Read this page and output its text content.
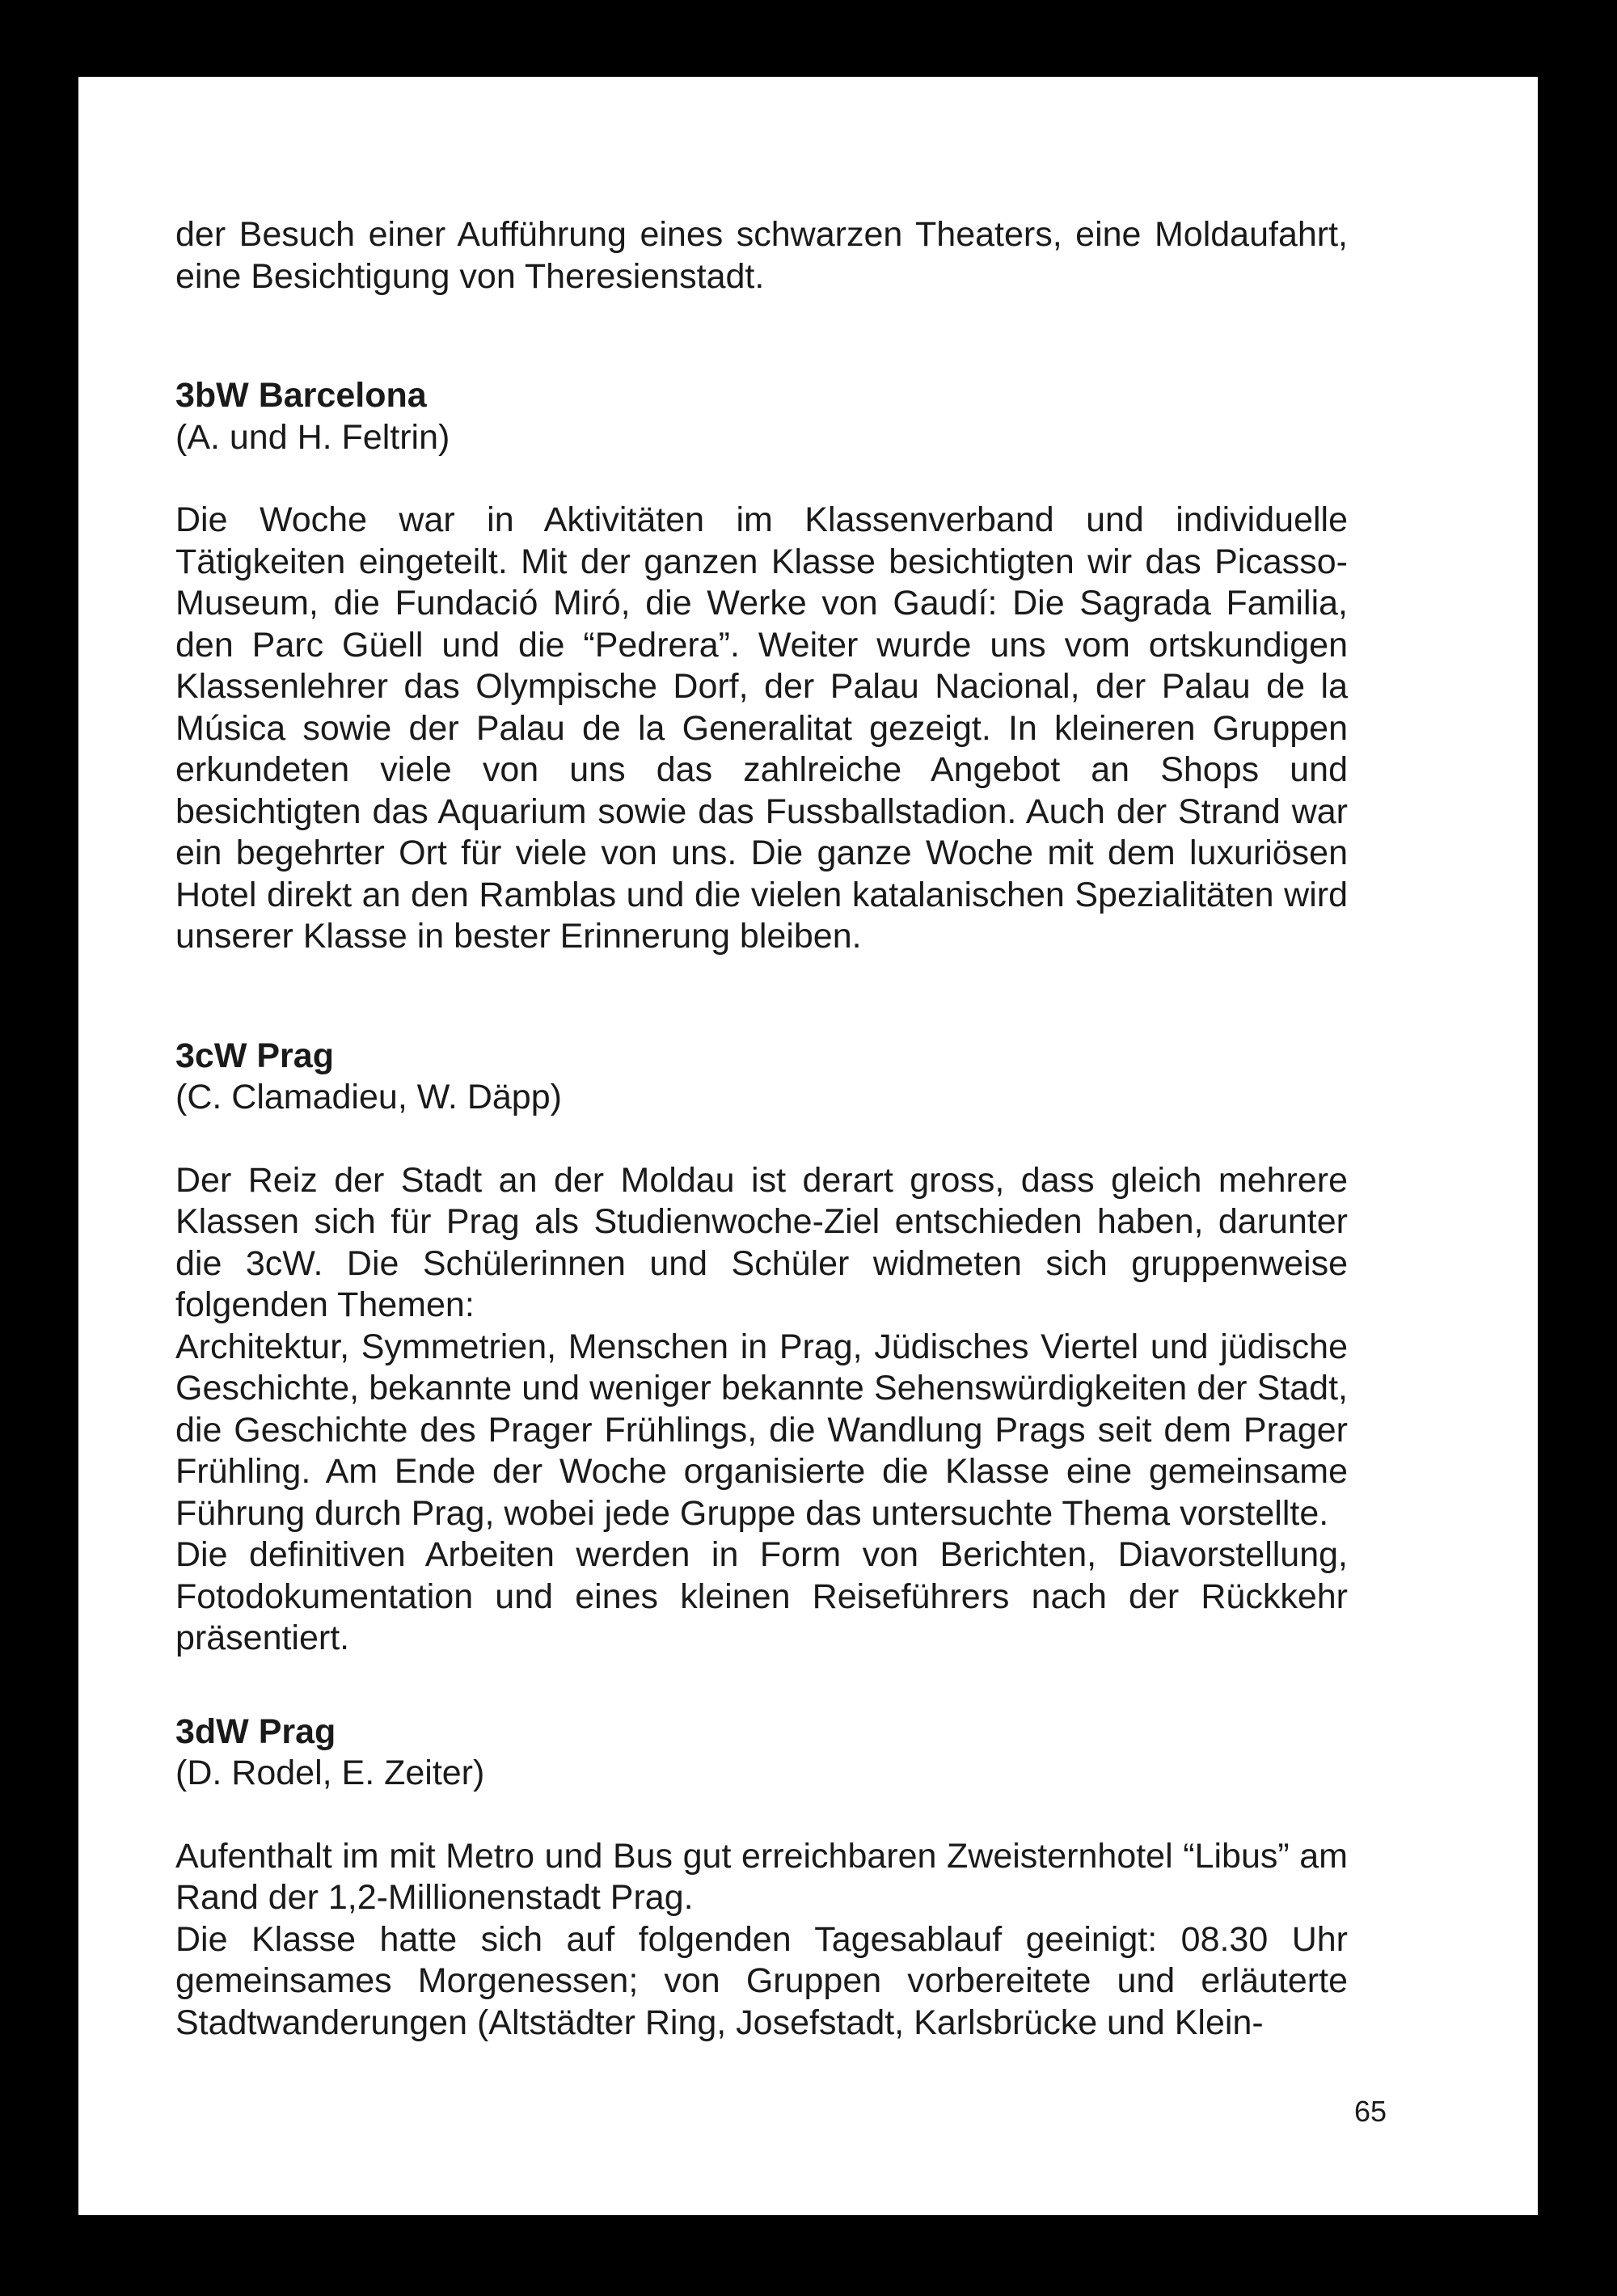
der Besuch einer Aufführung eines schwarzen Theaters, eine Moldaufahrt, eine Besichtigung von Theresienstadt.

3bW Barcelona
(A. und H. Feltrin)

Die Woche war in Aktivitäten im Klassenverband und individuelle Tätigkeiten eingeteilt. Mit der ganzen Klasse besichtigten wir das Picasso-Museum, die Fundació Miró, die Werke von Gaudí: Die Sagrada Familia, den Parc Güell und die “Pedrera”. Weiter wurde uns vom ortskundigen Klassenlehrer das Olympische Dorf, der Palau Nacional, der Palau de la Música sowie der Palau de la Generalitat gezeigt. In kleineren Gruppen erkundeten viele von uns das zahlreiche Angebot an Shops und besichtigten das Aquarium sowie das Fussballstadion. Auch der Strand war ein begehrter Ort für viele von uns. Die ganze Woche mit dem luxuriösen Hotel direkt an den Ramblas und die vielen katalanischen Spezialitäten wird unserer Klasse in bester Erinnerung bleiben.

3cW Prag
(C. Clamadieu, W. Däpp)

Der Reiz der Stadt an der Moldau ist derart gross, dass gleich mehrere Klassen sich für Prag als Studienwoche-Ziel entschieden haben, darunter die 3cW. Die Schülerinnen und Schüler widmeten sich gruppenweise folgenden Themen:

Architektur, Symmetrien, Menschen in Prag, Jüdisches Viertel und jüdische Geschichte, bekannte und weniger bekannte Sehenswürdigkeiten der Stadt, die Geschichte des Prager Frühlings, die Wandlung Prags seit dem Prager Frühling. Am Ende der Woche organisierte die Klasse eine gemeinsame Führung durch Prag, wobei jede Gruppe das untersuchte Thema vorstellte.

Die definitiven Arbeiten werden in Form von Berichten, Diavorstellung, Fotodokumentation und eines kleinen Reiseführers nach der Rückkehr präsentiert.

3dW Prag
(D. Rodel, E. Zeiter)

Aufenthalt im mit Metro und Bus gut erreichbaren Zweisternhotel “Libus” am Rand der 1,2-Millionenstadt Prag.

Die Klasse hatte sich auf folgenden Tagesablauf geeinigt: 08.30 Uhr gemeinsames Morgenessen; von Gruppen vorbereitete und erläuterte Stadtwanderungen (Altstädter Ring, Josefstadt, Karlsbrücke und Klein-

65
